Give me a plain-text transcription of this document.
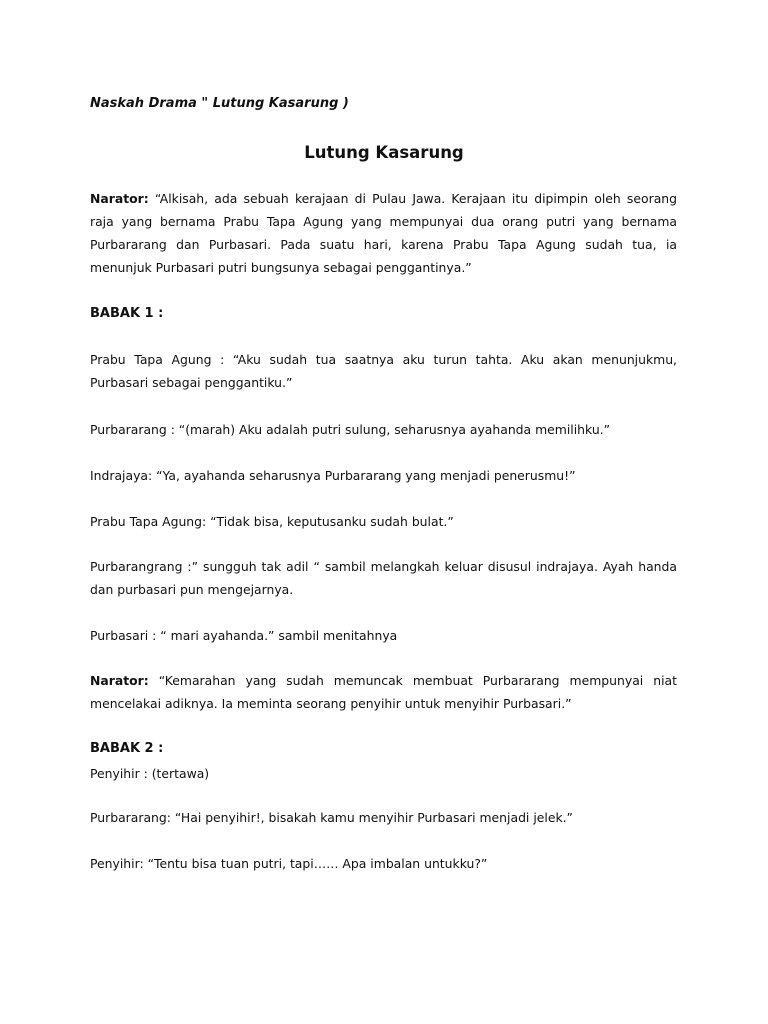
Naskah Drama " Lutung Kasarung )
Lutung Kasarung

Narator: “Alkisah, ada sebuah kerajaan di Pulau Jawa. Kerajaan itu dipimpin oleh seorang raja yang bernama Prabu Tapa Agung yang mempunyai dua orang putri yang bernama Purbararang dan Purbasari. Pada suatu hari, karena Prabu Tapa Agung sudah tua, ia menunjuk Purbasari putri bungsunya sebagai penggantinya.”

BABAK 1 :

Prabu Tapa Agung : “Aku sudah tua saatnya aku turun tahta. Aku akan menunjukmu, Purbasari sebagai penggantiku.”

Purbararang : “(marah) Aku adalah putri sulung, seharusnya ayahanda memilihku.”

Indrajaya: “Ya, ayahanda seharusnya Purbararang yang menjadi penerusmu!”

Prabu Tapa Agung: “Tidak bisa, keputusanku sudah bulat.”

Purbarangrang :” sungguh tak adil “ sambil melangkah keluar disusul indrajaya. Ayah handa dan purbasari pun mengejarnya.

Purbasari : “ mari ayahanda.” sambil menitahnya

Narator: “Kemarahan yang sudah memuncak membuat Purbararang mempunyai niat mencelakai adiknya. Ia meminta seorang penyihir untuk menyihir Purbasari.”

BABAK 2 :

Penyihir : (tertawa)

Purbararang: “Hai penyihir!, bisakah kamu menyihir Purbasari menjadi jelek.”

Penyihir: “Tentu bisa tuan putri, tapi…… Apa imbalan untukku?”
